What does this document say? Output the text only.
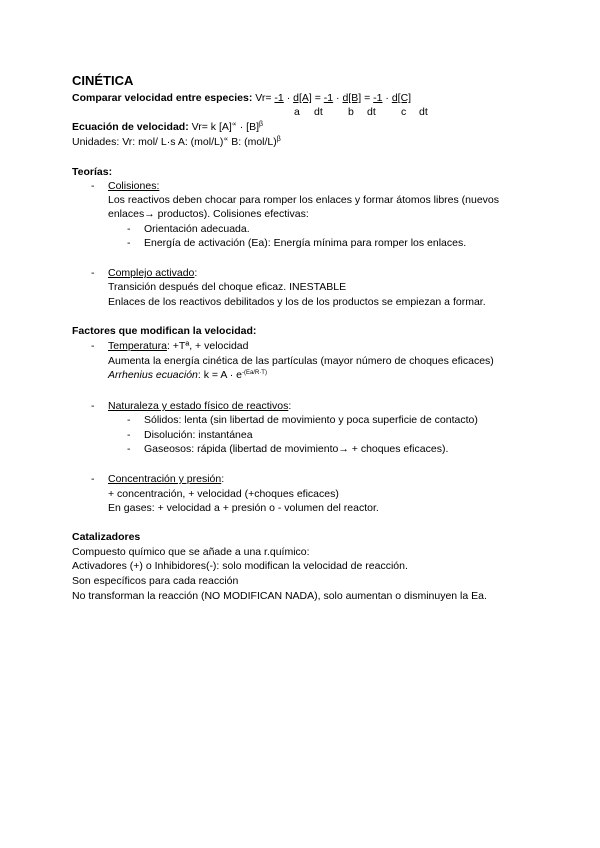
CINÉTICA
Comparar velocidad entre especies: Vr= -1 · d[A] = -1 · d[B] = -1 · d[C]
a dt b dt c dt
Ecuación de velocidad: Vr= k $[A]^\propto \cdot [B]^\beta$
Unidades: Vr: mol/ L·s A: (mol/L)∝ B: $(mol/L)^\beta$
Teorías:
- Colisiones:
Los reactivos deben chocar para romper los enlaces y formar átomos libres (nuevos
enlaces→ productos). Colisiones efectivas:
- Orientación adecuada.
- Energía de activación (Ea): Energía mínima para romper los enlaces.
- Complejo activado:
Transición después del choque eficaz. INESTABLE
Enlaces de los reactivos debilitados y los de los productos se empiezan a formar.
Factores que modifican la velocidad:
- Temperatura: +Tª, + velocidad
Aumenta la energía cinética de las partículas (mayor número de choques eficaces)
Arrhenius ecuación: $k = A \cdot e^{-(Ea/R\cdot T)}$
- Naturaleza y estado físico de reactivos:
- Sólidos: lenta (sin libertad de movimiento y poca superficie de contacto)
- Disolución: instantánea
- Gaseosos: rápida (libertad de movimiento→ + choques eficaces).
- Concentración y presión:
+ concentración, + velocidad (+choques eficaces)
En gases: + velocidad a + presión o - volumen del reactor.
Catalizadores
Compuesto químico que se añade a una r.químico:
Activadores (+) o Inhibidores(-): solo modifican la velocidad de reacción.
Son específicos para cada reacción
No transforman la reacción (NO MODIFICAN NADA), solo aumentan o disminuyen la Ea.
